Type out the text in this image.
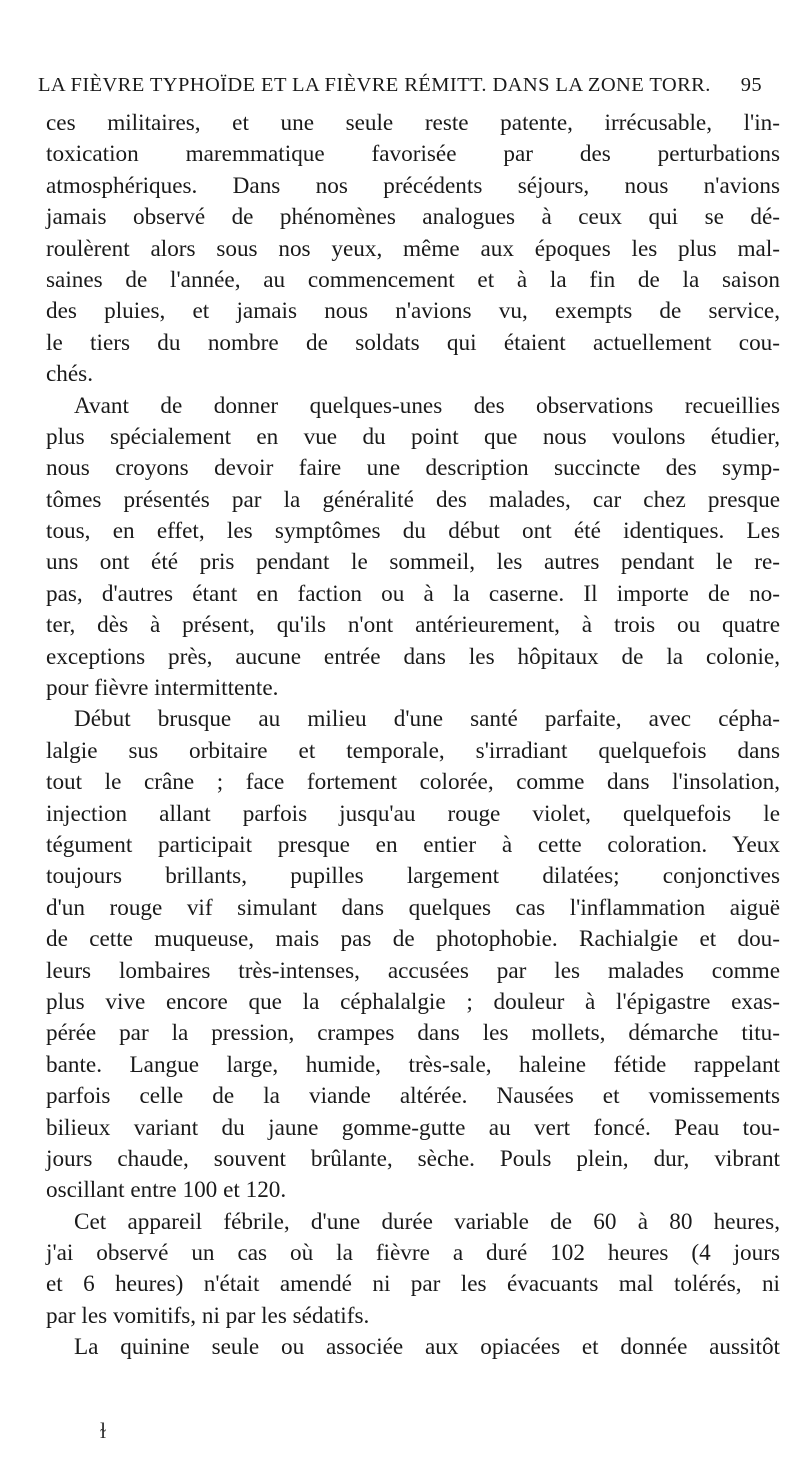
LA FIÈVRE TYPHOÏDE ET LA FIÈVRE RÉMITT. DANS LA ZONE TORR. 95
ces militaires, et une seule reste patente, irrécusable, l'in-
toxication maremmatique favorisée par des perturbations
atmosphériques. Dans nos précédents séjours, nous n'avions
jamais observé de phénomènes analogues à ceux qui se dé-
roulèrent alors sous nos yeux, même aux époques les plus mal-
saines de l'année, au commencement et à la fin de la saison
des pluies, et jamais nous n'avions vu, exempts de service,
le tiers du nombre de soldats qui étaient actuellement cou-
chés.
Avant de donner quelques-unes des observations recueillies
plus spécialement en vue du point que nous voulons étudier,
nous croyons devoir faire une description succincte des symp-
tômes présentés par la généralité des malades, car chez presque
tous, en effet, les symptômes du début ont été identiques. Les
uns ont été pris pendant le sommeil, les autres pendant le re-
pas, d'autres étant en faction ou à la caserne. Il importe de no-
ter, dès à présent, qu'ils n'ont antérieurement, à trois ou quatre
exceptions près, aucune entrée dans les hôpitaux de la colonie,
pour fièvre intermittente.
Début brusque au milieu d'une santé parfaite, avec cépha-
lalgie sus orbitaire et temporale, s'irradiant quelquefois dans
tout le crâne ; face fortement colorée, comme dans l'insolation,
injection allant parfois jusqu'au rouge violet, quelquefois le
tégument participait presque en entier à cette coloration. Yeux
toujours brillants, pupilles largement dilatées; conjonctives
d'un rouge vif simulant dans quelques cas l'inflammation aiguë
de cette muqueuse, mais pas de photophobie. Rachialgie et dou-
leurs lombaires très-intenses, accusées par les malades comme
plus vive encore que la céphalalgie ; douleur à l'épigastre exas-
pérée par la pression, crampes dans les mollets, démarche titu-
bante. Langue large, humide, très-sale, haleine fétide rappelant
parfois celle de la viande altérée. Nausées et vomissements
bilieux variant du jaune gomme-gutte au vert foncé. Peau tou-
jours chaude, souvent brûlante, sèche. Pouls plein, dur, vibrant
oscillant entre 100 et 120.
Cet appareil fébrile, d'une durée variable de 60 à 80 heures,
j'ai observé un cas où la fièvre a duré 102 heures (4 jours
et 6 heures) n'était amendé ni par les évacuants mal tolérés, ni
par les vomitifs, ni par les sédatifs.
La quinine seule ou associée aux opiacées et donnée aussitôt
ɫ
